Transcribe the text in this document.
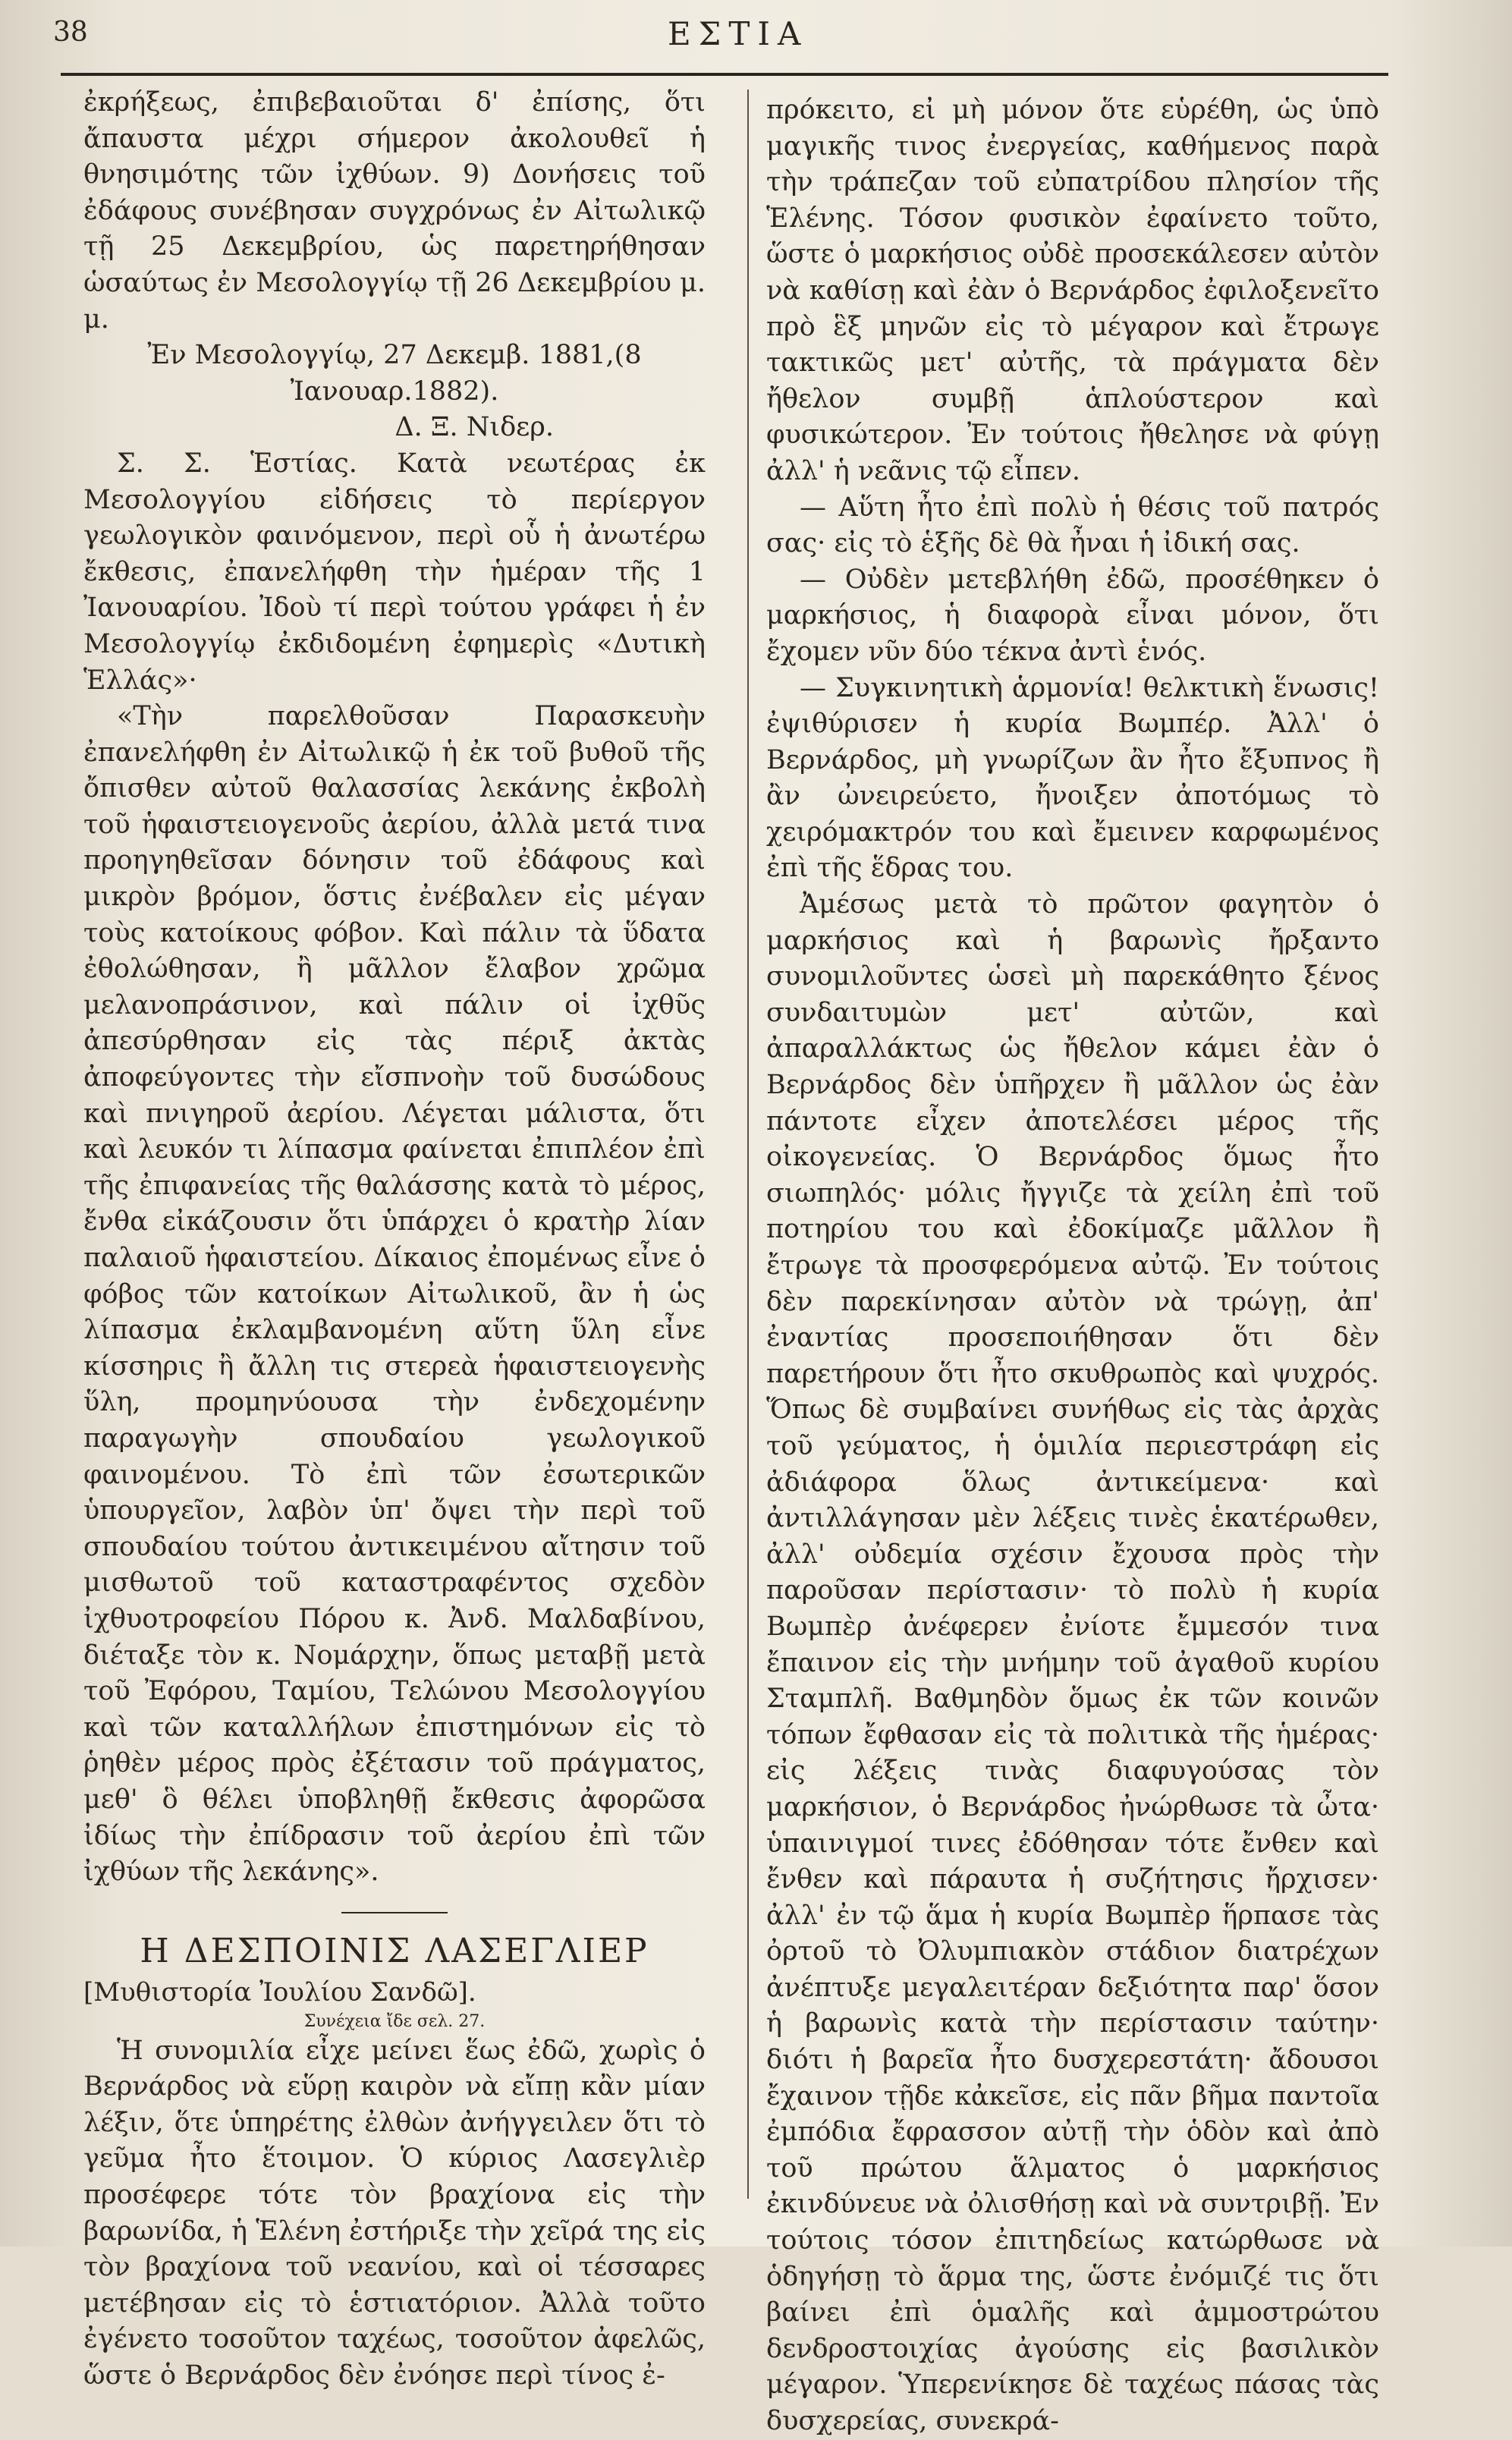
38	ΕΣΤΙΑ

ἐκρήξεως, ἐπιβεβαιοῦται δ' ἐπίσης, ὅτι ἄπαυστα μέχρι σήμερον ἀκολουθεῖ ἡ θνησιμότης τῶν ἰχθύων. 9) Δονήσεις τοῦ ἐδάφους συνέβησαν συγχρόνως ἐν Αἰτωλικῷ τῇ 25 Δεκεμβρίου, ὡς παρετηρήθησαν ὡσαύτως ἐν Μεσολογγίῳ τῇ 26 Δεκεμβρίου μ. μ.

Ἐν Μεσολογγίῳ, 27 Δεκεμβ. 1881,(8 Ἰανουαρ.1882).

Δ. Ξ. Νιδερ.

Σ. Σ. Ἑστίας. Κατὰ νεωτέρας ἐκ Μεσολογγίου εἰδήσεις τὸ περίεργον γεωλογικὸν φαινόμενον, περὶ οὗ ἡ ἀνωτέρω ἔκθεσις, ἐπανελήφθη τὴν ἡμέραν τῆς 1 Ἰανουαρίου. Ἰδοὺ τί περὶ τούτου γράφει ἡ ἐν Μεσολογγίῳ ἐκδιδομένη ἐφημερὶς «Δυτικὴ Ἑλλάς»·

«Τὴν παρελθοῦσαν Παρασκευὴν ἐπανελήφθη ἐν Αἰτωλικῷ ἡ ἐκ τοῦ βυθοῦ τῆς ὄπισθεν αὐτοῦ θαλασσίας λεκάνης ἐκβολὴ τοῦ ἡφαιστειογενοῦς ἀερίου, ἀλλὰ μετά τινα προηγηθεῖσαν δόνησιν τοῦ ἐδάφους καὶ μικρὸν βρόμον, ὅστις ἐνέβαλεν εἰς μέγαν τοὺς κατοίκους φόβον. Καὶ πάλιν τὰ ὕδατα ἐθολώθησαν, ἢ μᾶλλον ἔλαβον χρῶμα μελανοπράσινον, καὶ πάλιν οἱ ἰχθῦς ἀπεσύρθησαν εἰς τὰς πέριξ ἀκτὰς ἀποφεύγοντες τὴν εἴσπνοὴν τοῦ δυσώδους καὶ πνιγηροῦ ἀερίου. Λέγεται μάλιστα, ὅτι καὶ λευκόν τι λίπασμα φαίνεται ἐπιπλέον ἐπὶ τῆς ἐπιφανείας τῆς θαλάσσης κατὰ τὸ μέρος, ἔνθα εἰκάζουσιν ὅτι ὑπάρχει ὁ κρατὴρ λίαν παλαιοῦ ἡφαιστείου. Δίκαιος ἐπομένως εἶνε ὁ φόβος τῶν κατοίκων Αἰτωλικοῦ, ἂν ἡ ὡς λίπασμα ἐκλαμβανομένη αὕτη ὕλη εἶνε κίσσηρις ἢ ἄλλη τις στερεὰ ἡφαιστειογενὴς ὕλη, προμηνύουσα τὴν ἐνδεχομένην παραγωγὴν σπουδαίου γεωλογικοῦ φαινομένου. Τὸ ἐπὶ τῶν ἐσωτερικῶν ὑπουργεῖον, λαβὸν ὑπ' ὄψει τὴν περὶ τοῦ σπουδαίου τούτου ἀντικειμένου αἴτησιν τοῦ μισθωτοῦ τοῦ καταστραφέντος σχεδὸν ἰχθυοτροφείου Πόρου κ. Ἀνδ. Μαλδαβίνου, διέταξε τὸν κ. Νομάρχην, ὅπως μεταβῇ μετὰ τοῦ Ἐφόρου, Ταμίου, Τελώνου Μεσολογγίου καὶ τῶν καταλλήλων ἐπιστημόνων εἰς τὸ ῥηθὲν μέρος πρὸς ἐξέτασιν τοῦ πράγματος, μεθ' ὃ θέλει ὑποβληθῇ ἔκθεσις ἀφορῶσα ἰδίως τὴν ἐπίδρασιν τοῦ ἀερίου ἐπὶ τῶν ἰχθύων τῆς λεκάνης».

Η ΔΕΣΠΟΙΝΙΣ ΛΑΣΕΓΛΙΕΡ

[Μυθιστορία Ἰουλίου Σανδῶ].

Συνέχεια ἴδε σελ. 27.

Ἡ συνομιλία εἶχε μείνει ἕως ἐδῶ, χωρὶς ὁ Βερνάρδος νὰ εὕρῃ καιρὸν νὰ εἴπῃ κἂν μίαν λέξιν, ὅτε ὑπηρέτης ἐλθὼν ἀνήγγειλεν ὅτι τὸ γεῦμα ἦτο ἕτοιμον. Ὁ κύριος Λασεγλιὲρ προσέφερε τότε τὸν βραχίονα εἰς τὴν βαρωνίδα, ἡ Ἑλένη ἐστήριξε τὴν χεῖρά της εἰς τὸν βραχίονα τοῦ νεανίου, καὶ οἱ τέσσαρες μετέβησαν εἰς τὸ ἑστιατόριον. Ἀλλὰ τοῦτο ἐγένετο τοσοῦτον ταχέως, τοσοῦτον ἀφελῶς, ὥστε ὁ Βερνάρδος δὲν ἐνόησε περὶ τίνος ἐ-

πρόκειτο, εἰ μὴ μόνον ὅτε εὑρέθη, ὡς ὑπὸ μαγικῆς τινος ἐνεργείας, καθήμενος παρὰ τὴν τράπεζαν τοῦ εὐπατρίδου πλησίον τῆς Ἑλένης. Τόσον φυσικὸν ἐφαίνετο τοῦτο, ὥστε ὁ μαρκήσιος οὐδὲ προσεκάλεσεν αὐτὸν νὰ καθίσῃ καὶ ἐὰν ὁ Βερνάρδος ἐφιλοξενεῖτο πρὸ ἓξ μηνῶν εἰς τὸ μέγαρον καὶ ἔτρωγε τακτικῶς μετ' αὐτῆς, τὰ πράγματα δὲν ἤθελον συμβῇ ἁπλούστερον καὶ φυσικώτερον. Ἐν τούτοις ἤθελησε νὰ φύγῃ ἀλλ' ἡ νεᾶνις τῷ εἶπεν.

— Αὕτη ἦτο ἐπὶ πολὺ ἡ θέσις τοῦ πατρός σας· εἰς τὸ ἑξῆς δὲ θὰ ἦναι ἡ ἰδική σας.

— Οὐδὲν μετεβλήθη ἐδῶ, προσέθηκεν ὁ μαρκήσιος, ἡ διαφορὰ εἶναι μόνον, ὅτι ἔχομεν νῦν δύο τέκνα ἀντὶ ἑνός.

— Συγκινητικὴ ἁρμονία! θελκτικὴ ἕνωσις! ἐψιθύρισεν ἡ κυρία Βωμπέρ. Ἀλλ' ὁ Βερνάρδος, μὴ γνωρίζων ἂν ἦτο ἔξυπνος ἢ ἂν ὠνειρεύετο, ἤνοιξεν ἀποτόμως τὸ χειρόμακτρόν του καὶ ἔμεινεν καρφωμένος ἐπὶ τῆς ἕδρας του.

Ἀμέσως μετὰ τὸ πρῶτον φαγητὸν ὁ μαρκήσιος καὶ ἡ βαρωνὶς ἤρξαντο συνομιλοῦντες ὡσεὶ μὴ παρεκάθητο ξένος συνδαιτυμὼν μετ' αὐτῶν, καὶ ἀπαραλλάκτως ὡς ἤθελον κάμει ἐὰν ὁ Βερνάρδος δὲν ὑπῆρχεν ἢ μᾶλλον ὡς ἐὰν πάντοτε εἶχεν ἀποτελέσει μέρος τῆς οἰκογενείας. Ὁ Βερνάρδος ὅμως ἦτο σιωπηλός· μόλις ἤγγιζε τὰ χείλη ἐπὶ τοῦ ποτηρίου του καὶ ἐδοκίμαζε μᾶλλον ἢ ἔτρωγε τὰ προσφερόμενα αὐτῷ. Ἐν τούτοις δὲν παρεκίνησαν αὐτὸν νὰ τρώγῃ, ἀπ' ἐναντίας προσεποιήθησαν ὅτι δὲν παρετήρουν ὅτι ἦτο σκυθρωπὸς καὶ ψυχρός. Ὅπως δὲ συμβαίνει συνήθως εἰς τὰς ἀρχὰς τοῦ γεύματος, ἡ ὁμιλία περιεστράφη εἰς ἀδιάφορα ὅλως ἀντικείμενα· καὶ ἀντιλλάγησαν μὲν λέξεις τινὲς ἑκατέρωθεν, ἀλλ' οὐδεμία σχέσιν ἔχουσα πρὸς τὴν παροῦσαν περίστασιν· τὸ πολὺ ἡ κυρία Βωμπὲρ ἀνέφερεν ἐνίοτε ἔμμεσόν τινα ἔπαινον εἰς τὴν μνήμην τοῦ ἀγαθοῦ κυρίου Σταμπλῆ. Βαθμηδὸν ὅμως ἐκ τῶν κοινῶν τόπων ἔφθασαν εἰς τὰ πολιτικὰ τῆς ἡμέρας· εἰς λέξεις τινὰς διαφυγούσας τὸν μαρκήσιον, ὁ Βερνάρδος ἠνώρθωσε τὰ ὦτα· ὑπαινιγμοί τινες ἐδόθησαν τότε ἔνθεν καὶ ἔνθεν καὶ πάραυτα ἡ συζήτησις ἤρχισεν· ἀλλ' ἐν τῷ ἅμα ἡ κυρία Βωμπὲρ ἥρπασε τὰς ὀρτοῦ τὸ Ὀλυμπιακὸν στάδιον διατρέχων ἀνέπτυξε μεγαλειτέραν δεξιότητα παρ' ὅσον ἡ βαρωνὶς κατὰ τὴν περίστασιν ταύτην· διότι ἡ βαρεῖα ἦτο δυσχερεστάτη· ἄδουσοι ἔχαινον τῇδε κἀκεῖσε, εἰς πᾶν βῆμα παντοῖα ἐμπόδια ἔφρασσον αὐτῇ τὴν ὁδὸν καὶ ἀπὸ τοῦ πρώτου ἅλματος ὁ μαρκήσιος ἐκινδύνευε νὰ ὀλισθήσῃ καὶ νὰ συντριβῇ. Ἐν τούτοις τόσον ἐπιτηδείως κατώρθωσε νὰ ὁδηγήσῃ τὸ ἅρμα της, ὥστε ἐνόμιζέ τις ὅτι βαίνει ἐπὶ ὁμαλῆς καὶ ἀμμοστρώτου δενδροστοιχίας ἀγούσης εἰς βασιλικὸν μέγαρον. Ὑπερενίκησε δὲ ταχέως πάσας τὰς δυσχερείας, συνεκρά-
